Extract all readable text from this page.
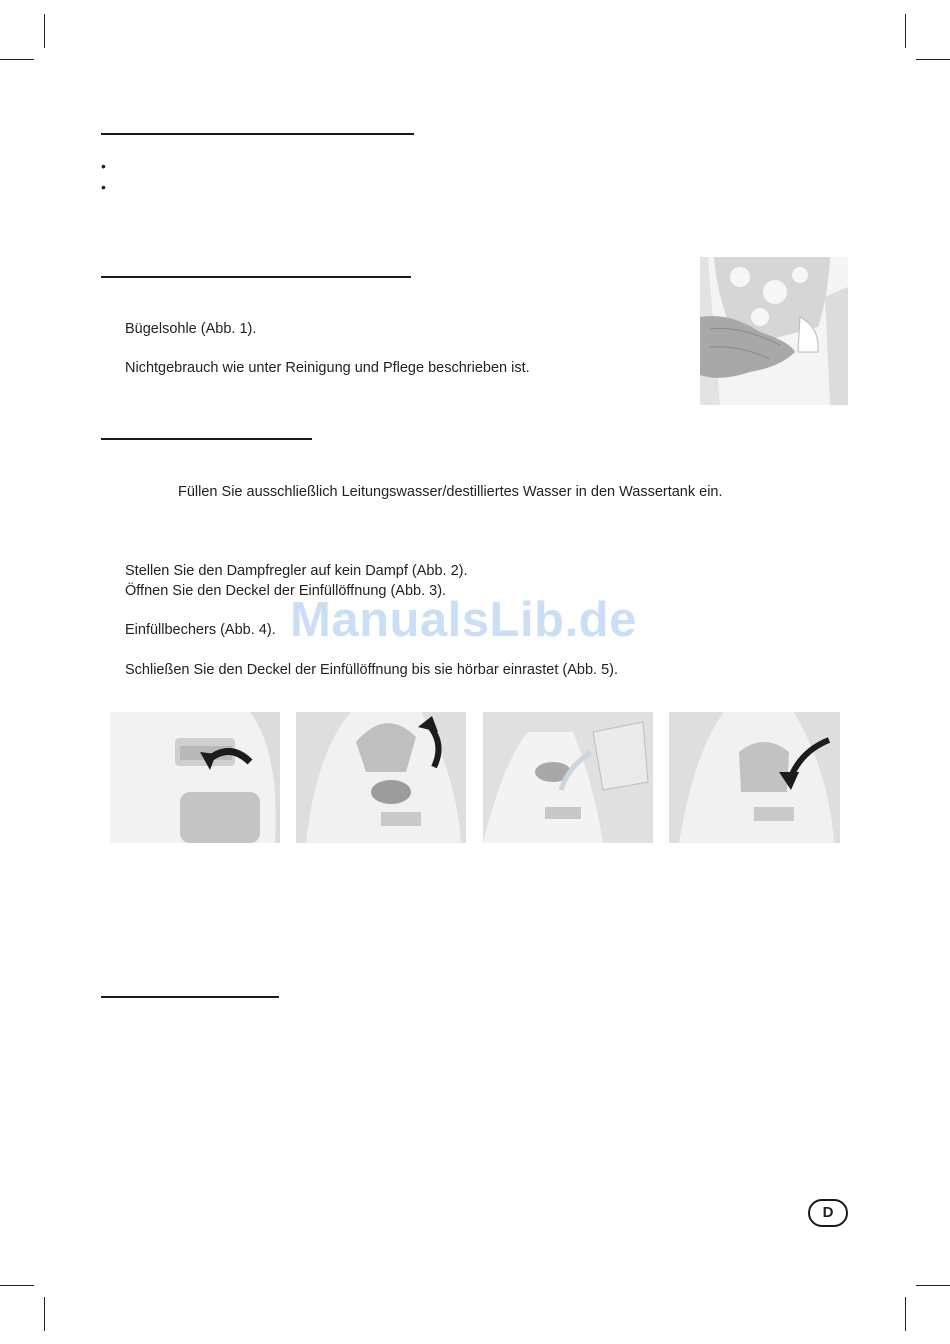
•
•
Bügelsohle (Abb. 1).
Nichtgebrauch wie unter Reinigung und Pflege beschrieben ist.
Füllen Sie ausschließlich Leitungswasser/destilliertes Wasser in den Wassertank ein.
Stellen Sie den Dampfregler auf kein Dampf (Abb. 2).
Öffnen Sie den Deckel der Einfüllöffnung (Abb. 3).
Einfüllbechers (Abb. 4).
Schließen Sie den Deckel der Einfüllöffnung bis sie hörbar einrastet (Abb. 5).
ManualsLib.de
D
